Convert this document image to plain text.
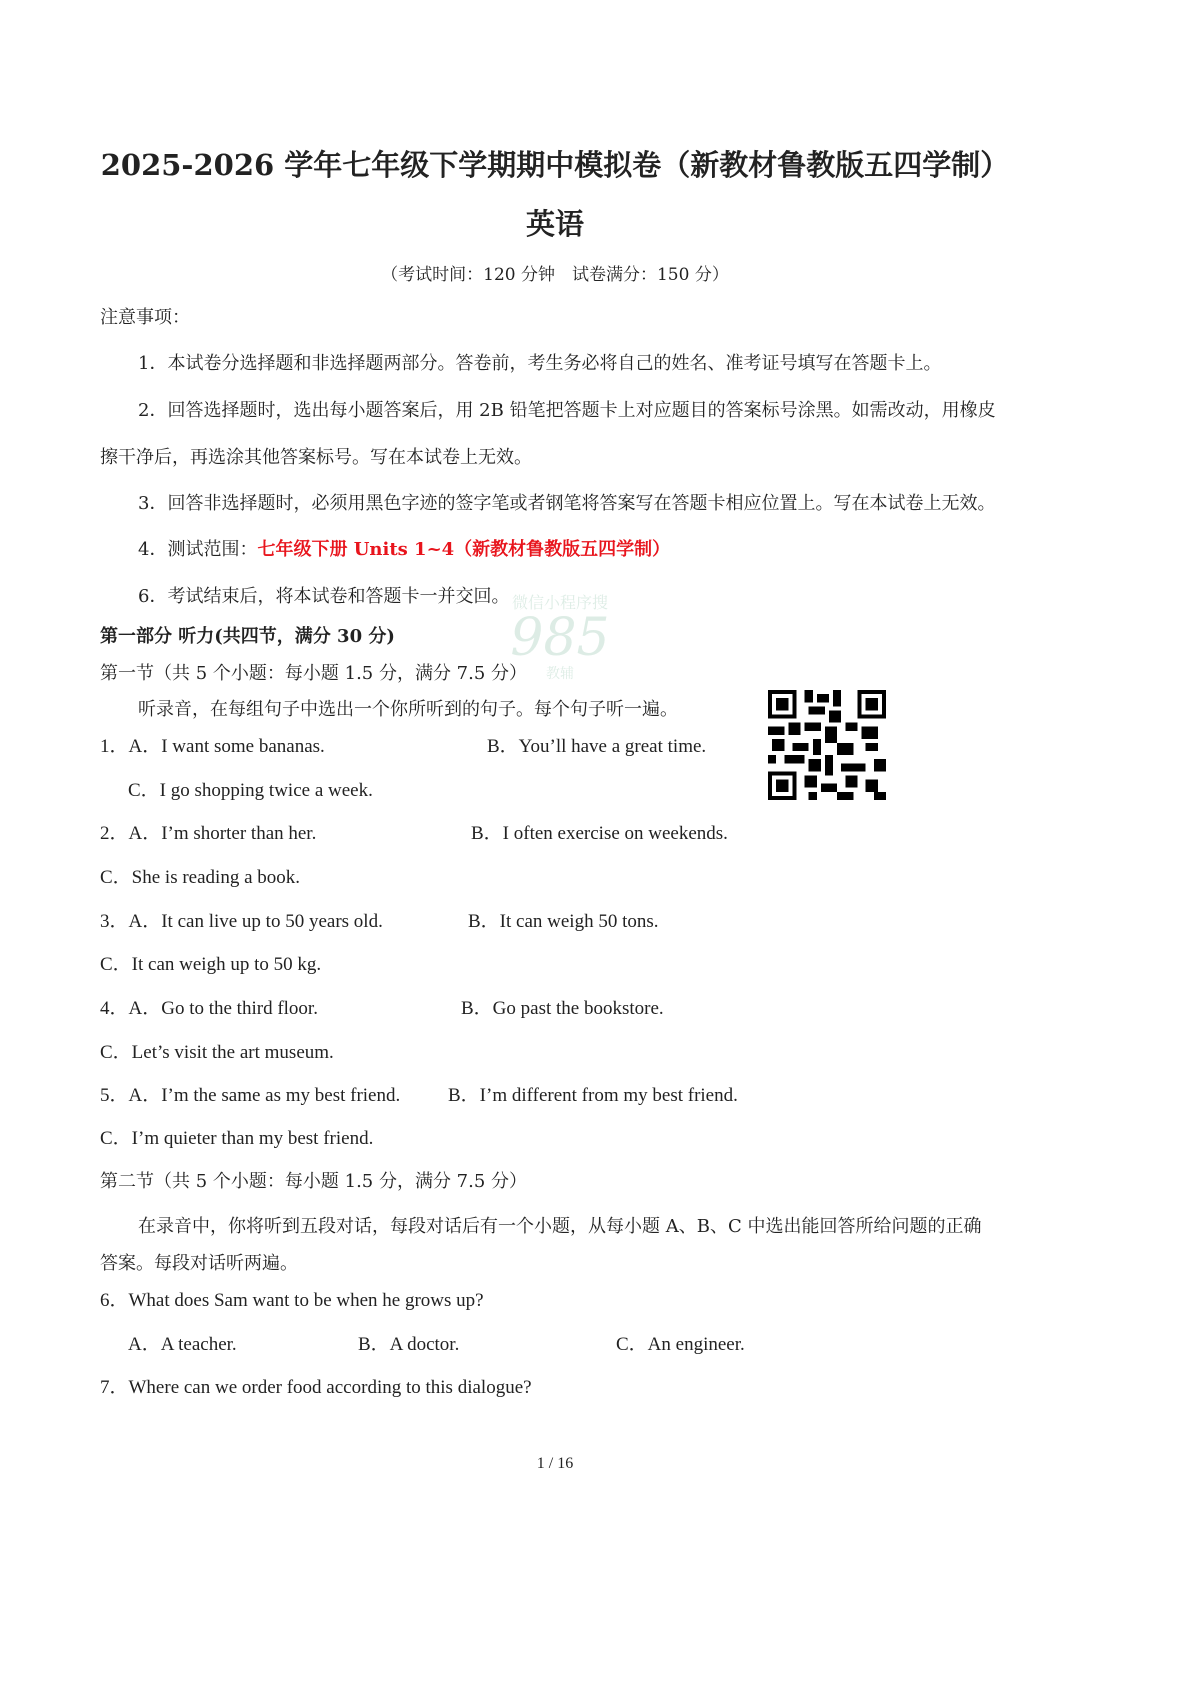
2025-2026 学年七年级下学期期中模拟卷（新教材鲁教版五四学制）
英语
（考试时间：120 分钟　试卷满分：150 分）
注意事项：
1．本试卷分选择题和非选择题两部分。答卷前，考生务必将自己的姓名、准考证号填写在答题卡上。
2．回答选择题时，选出每小题答案后，用 2B 铅笔把答题卡上对应题目的答案标号涂黑。如需改动，用橡皮
擦干净后，再选涂其他答案标号。写在本试卷上无效。
3．回答非选择题时，必须用黑色字迹的签字笔或者钢笔将答案写在答题卡相应位置上。写在本试卷上无效。
4．测试范围：七年级下册 Units 1~4（新教材鲁教版五四学制）
6．考试结束后，将本试卷和答题卡一并交回。 微信小程序搜
985
教辅
第一部分 听力(共四节，满分 30 分)
第一节（共 5 个小题：每小题 1.5 分，满分 7.5 分）
听录音，在每组句子中选出一个你所听到的句子。每个句子听一遍。
1．A．I want some bananas.	B．You’ll have a great time.
C．I go shopping twice a week.
2．A．I’m shorter than her.	B．I often exercise on weekends.
C．She is reading a book.
3．A．It can live up to 50 years old.	B．It can weigh 50 tons.
C．It can weigh up to 50 kg.
4．A．Go to the third floor.	B．Go past the bookstore.
C．Let’s visit the art museum.
5．A．I’m the same as my best friend.	B．I’m different from my best friend.
C．I’m quieter than my best friend.
第二节（共 5 个小题：每小题 1.5 分，满分 7.5 分）
在录音中，你将听到五段对话，每段对话后有一个小题，从每小题 A、B、C 中选出能回答所给问题的正确
答案。每段对话听两遍。
6．What does Sam want to be when he grows up?
A．A teacher.	B．A doctor.	C．An engineer.
7．Where can we order food according to this dialogue?
1 / 16
